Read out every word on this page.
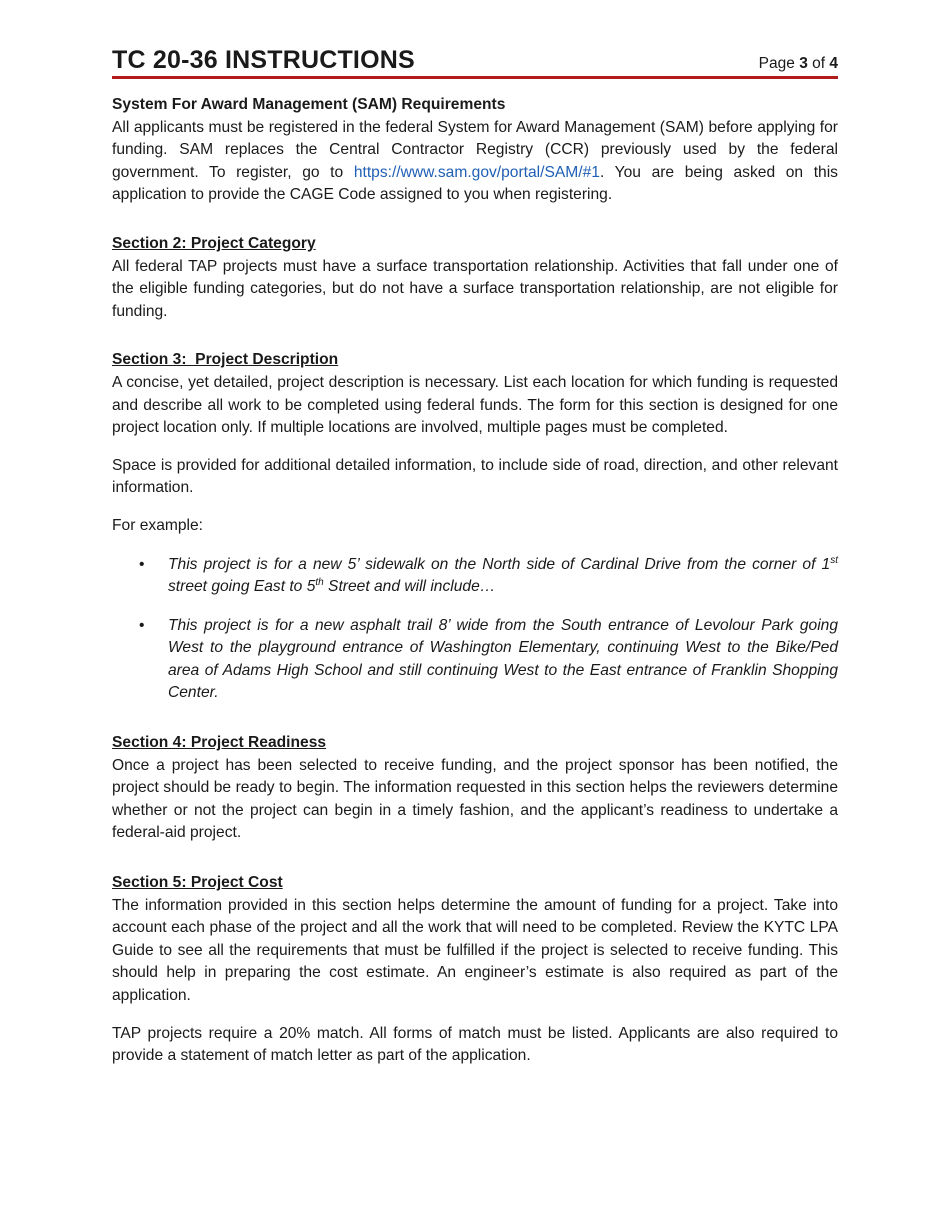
TC 20-36 INSTRUCTIONS	Page 3 of 4
System For Award Management (SAM) Requirements

All applicants must be registered in the federal System for Award Management (SAM) before applying for funding. SAM replaces the Central Contractor Registry (CCR) previously used by the federal government. To register, go to https://www.sam.gov/portal/SAM/#1. You are being asked on this application to provide the CAGE Code assigned to you when registering.

Section 2: Project Category

All federal TAP projects must have a surface transportation relationship. Activities that fall under one of the eligible funding categories, but do not have a surface transportation relationship, are not eligible for funding.

Section 3:  Project Description

A concise, yet detailed, project description is necessary. List each location for which funding is requested and describe all work to be completed using federal funds. The form for this section is designed for one project location only. If multiple locations are involved, multiple pages must be completed.

Space is provided for additional detailed information, to include side of road, direction, and other relevant information.

For example:

• This project is for a new 5’ sidewalk on the North side of Cardinal Drive from the corner of 1st street going East to 5th Street and will include…
• This project is for a new asphalt trail 8’ wide from the South entrance of Levolour Park going West to the playground entrance of Washington Elementary, continuing West to the Bike/Ped area of Adams High School and still continuing West to the East entrance of Franklin Shopping Center.
Section 4: Project Readiness

Once a project has been selected to receive funding, and the project sponsor has been notified, the project should be ready to begin. The information requested in this section helps the reviewers determine whether or not the project can begin in a timely fashion, and the applicant’s readiness to undertake a federal-aid project.

Section 5: Project Cost

The information provided in this section helps determine the amount of funding for a project. Take into account each phase of the project and all the work that will need to be completed. Review the KYTC LPA Guide to see all the requirements that must be fulfilled if the project is selected to receive funding. This should help in preparing the cost estimate. An engineer’s estimate is also required as part of the application.

TAP projects require a 20% match. All forms of match must be listed. Applicants are also required to provide a statement of match letter as part of the application.
